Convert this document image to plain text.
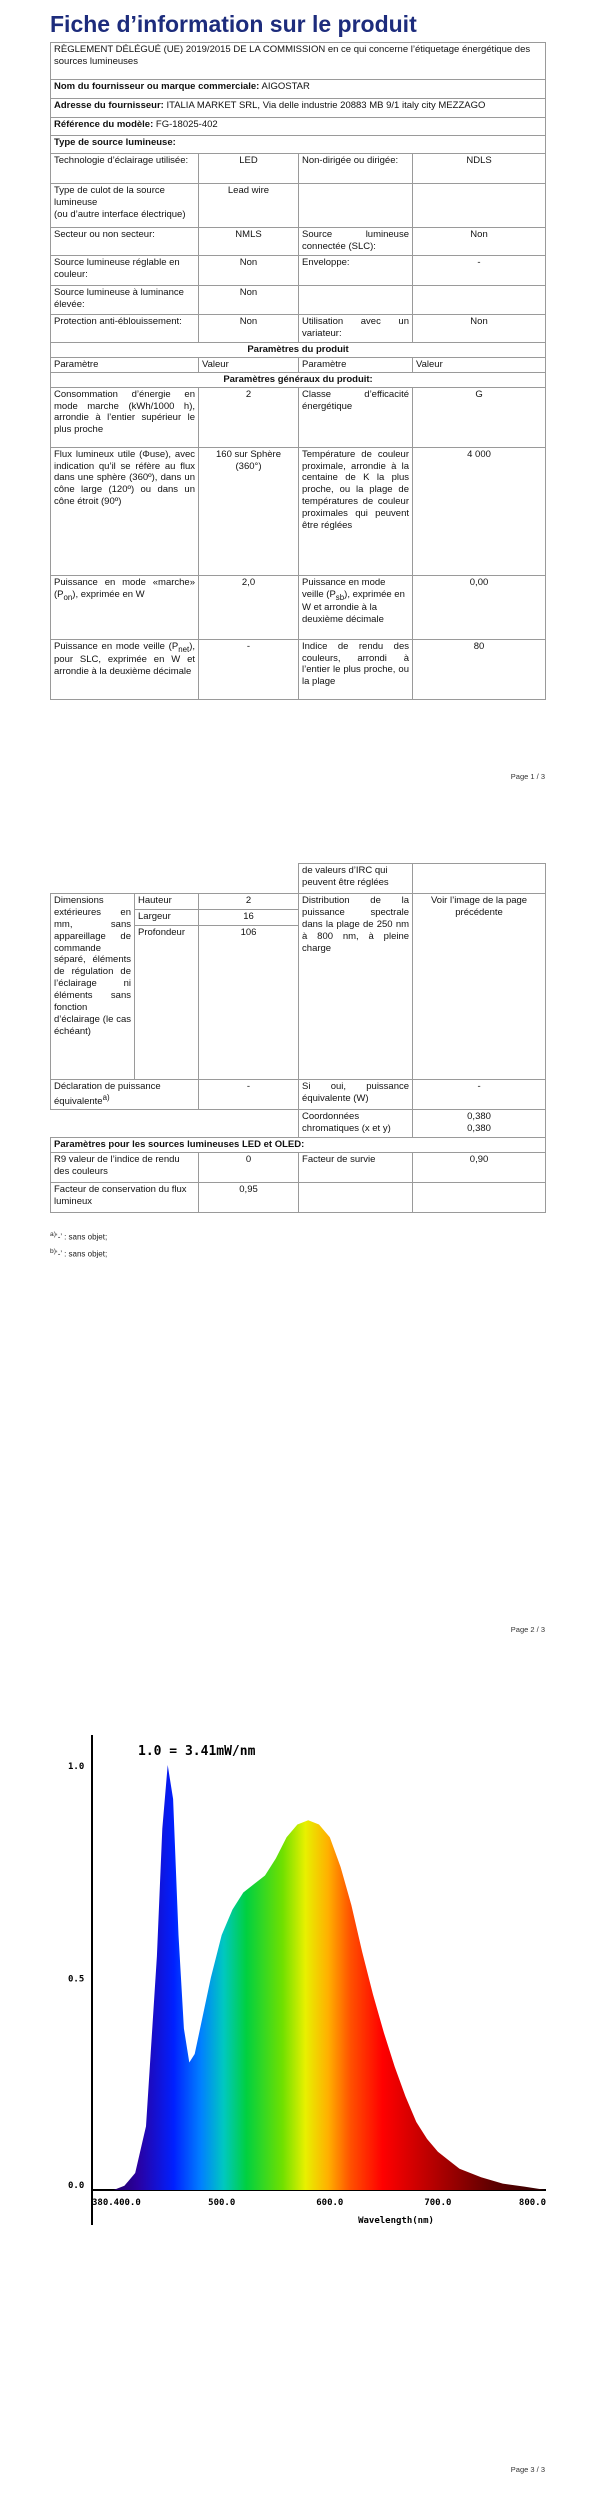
Fiche d’information sur le produit
RÈGLEMENT DÉLÉGUÉ (UE) 2019/2015 DE LA COMMISSION en ce qui concerne l’étiquetage énergétique des sources lumineuses			
Nom du fournisseur ou marque commerciale: AIGOSTAR			
Adresse du fournisseur: ITALIA MARKET SRL, Via delle industrie 20883 MB 9/1 italy city MEZZAGO			
Référence du modèle: FG-18025-402			
Type de source lumineuse:			
Technologie d’éclairage utilisée:	LED	Non-dirigée ou dirigée:	NDLS

Type de culot de la source lumineuse
(ou d’autre interface électrique)	Lead wire		
Secteur ou non secteur:	NMLS	Source lumineuse connectée (SLC):	Non
Source lumineuse réglable en couleur:	Non	Enveloppe:	-
Source lumineuse à luminance élevée:	Non		
Protection anti-éblouissement:	Non	Utilisation avec un variateur:	Non
Paramètres du produit			
Paramètre	Valeur	Paramètre	Valeur
Paramètres généraux du produit:			
Consommation d’énergie en mode marche (kWh/1000 h), arrondie à l’entier supérieur le plus proche	2	Classe d’efficacité énergétique	G
Flux lumineux utile (Φuse), avec indication qu’il se réfère au flux dans une sphère (360º), dans un cône large (120º) ou dans un cône étroit (90º)	160 sur Sphère (360°)	Température de couleur proximale, arrondie à la centaine de K la plus proche, ou la plage de températures de couleur proximales qui peuvent être réglées	4 000
Puissance en mode «marche» $(P_{on})$, exprimée en W	2,0	Puissance en mode veille $(P_{sb})$, exprimée en W et arrondie à la deuxième décimale	0,00
Puissance en mode veille $(P_{net})$, pour SLC, exprimée en W et arrondie à la deuxième décimale	-	Indice de rendu des couleurs, arrondi à l’entier le plus proche, ou la plage	80
Page 1 / 3
			de valeurs d’IRC qui peuvent être réglées	
Dimensions extérieures en mm, sans appareillage de commande séparé, éléments de régulation de l’éclairage ni éléments sans fonction d’éclairage (le cas échéant)	Hauteur	2	Distribution de la puissance spectrale dans la plage de 250 nm à 800 nm, à pleine charge	Voir l’image de la page précédente
	Largeur	16		
	Profondeur	106		
Déclaration de puissance équivalente$^{a)}$		-	Si oui, puissance équivalente (W)	-
			Coordonnées chromatiques (x et y)	0,380
0,380

Paramètres pour les sources lumineuses LED et OLED:				
R9 valeur de l’indice de rendu des couleurs		0	Facteur de survie	0,90
Facteur de conservation du flux lumineux		0,95		
$^{a)}$‘-’ : sans objet;
$^{b)}$‘-’ : sans objet;
Page 2 / 3
1.0 = 3.41mW/nm
Wavelength(nm)
380.400.0	500.0	600.0	700.0	800.0
1.0
0.5
0.0
Page 3 / 3
